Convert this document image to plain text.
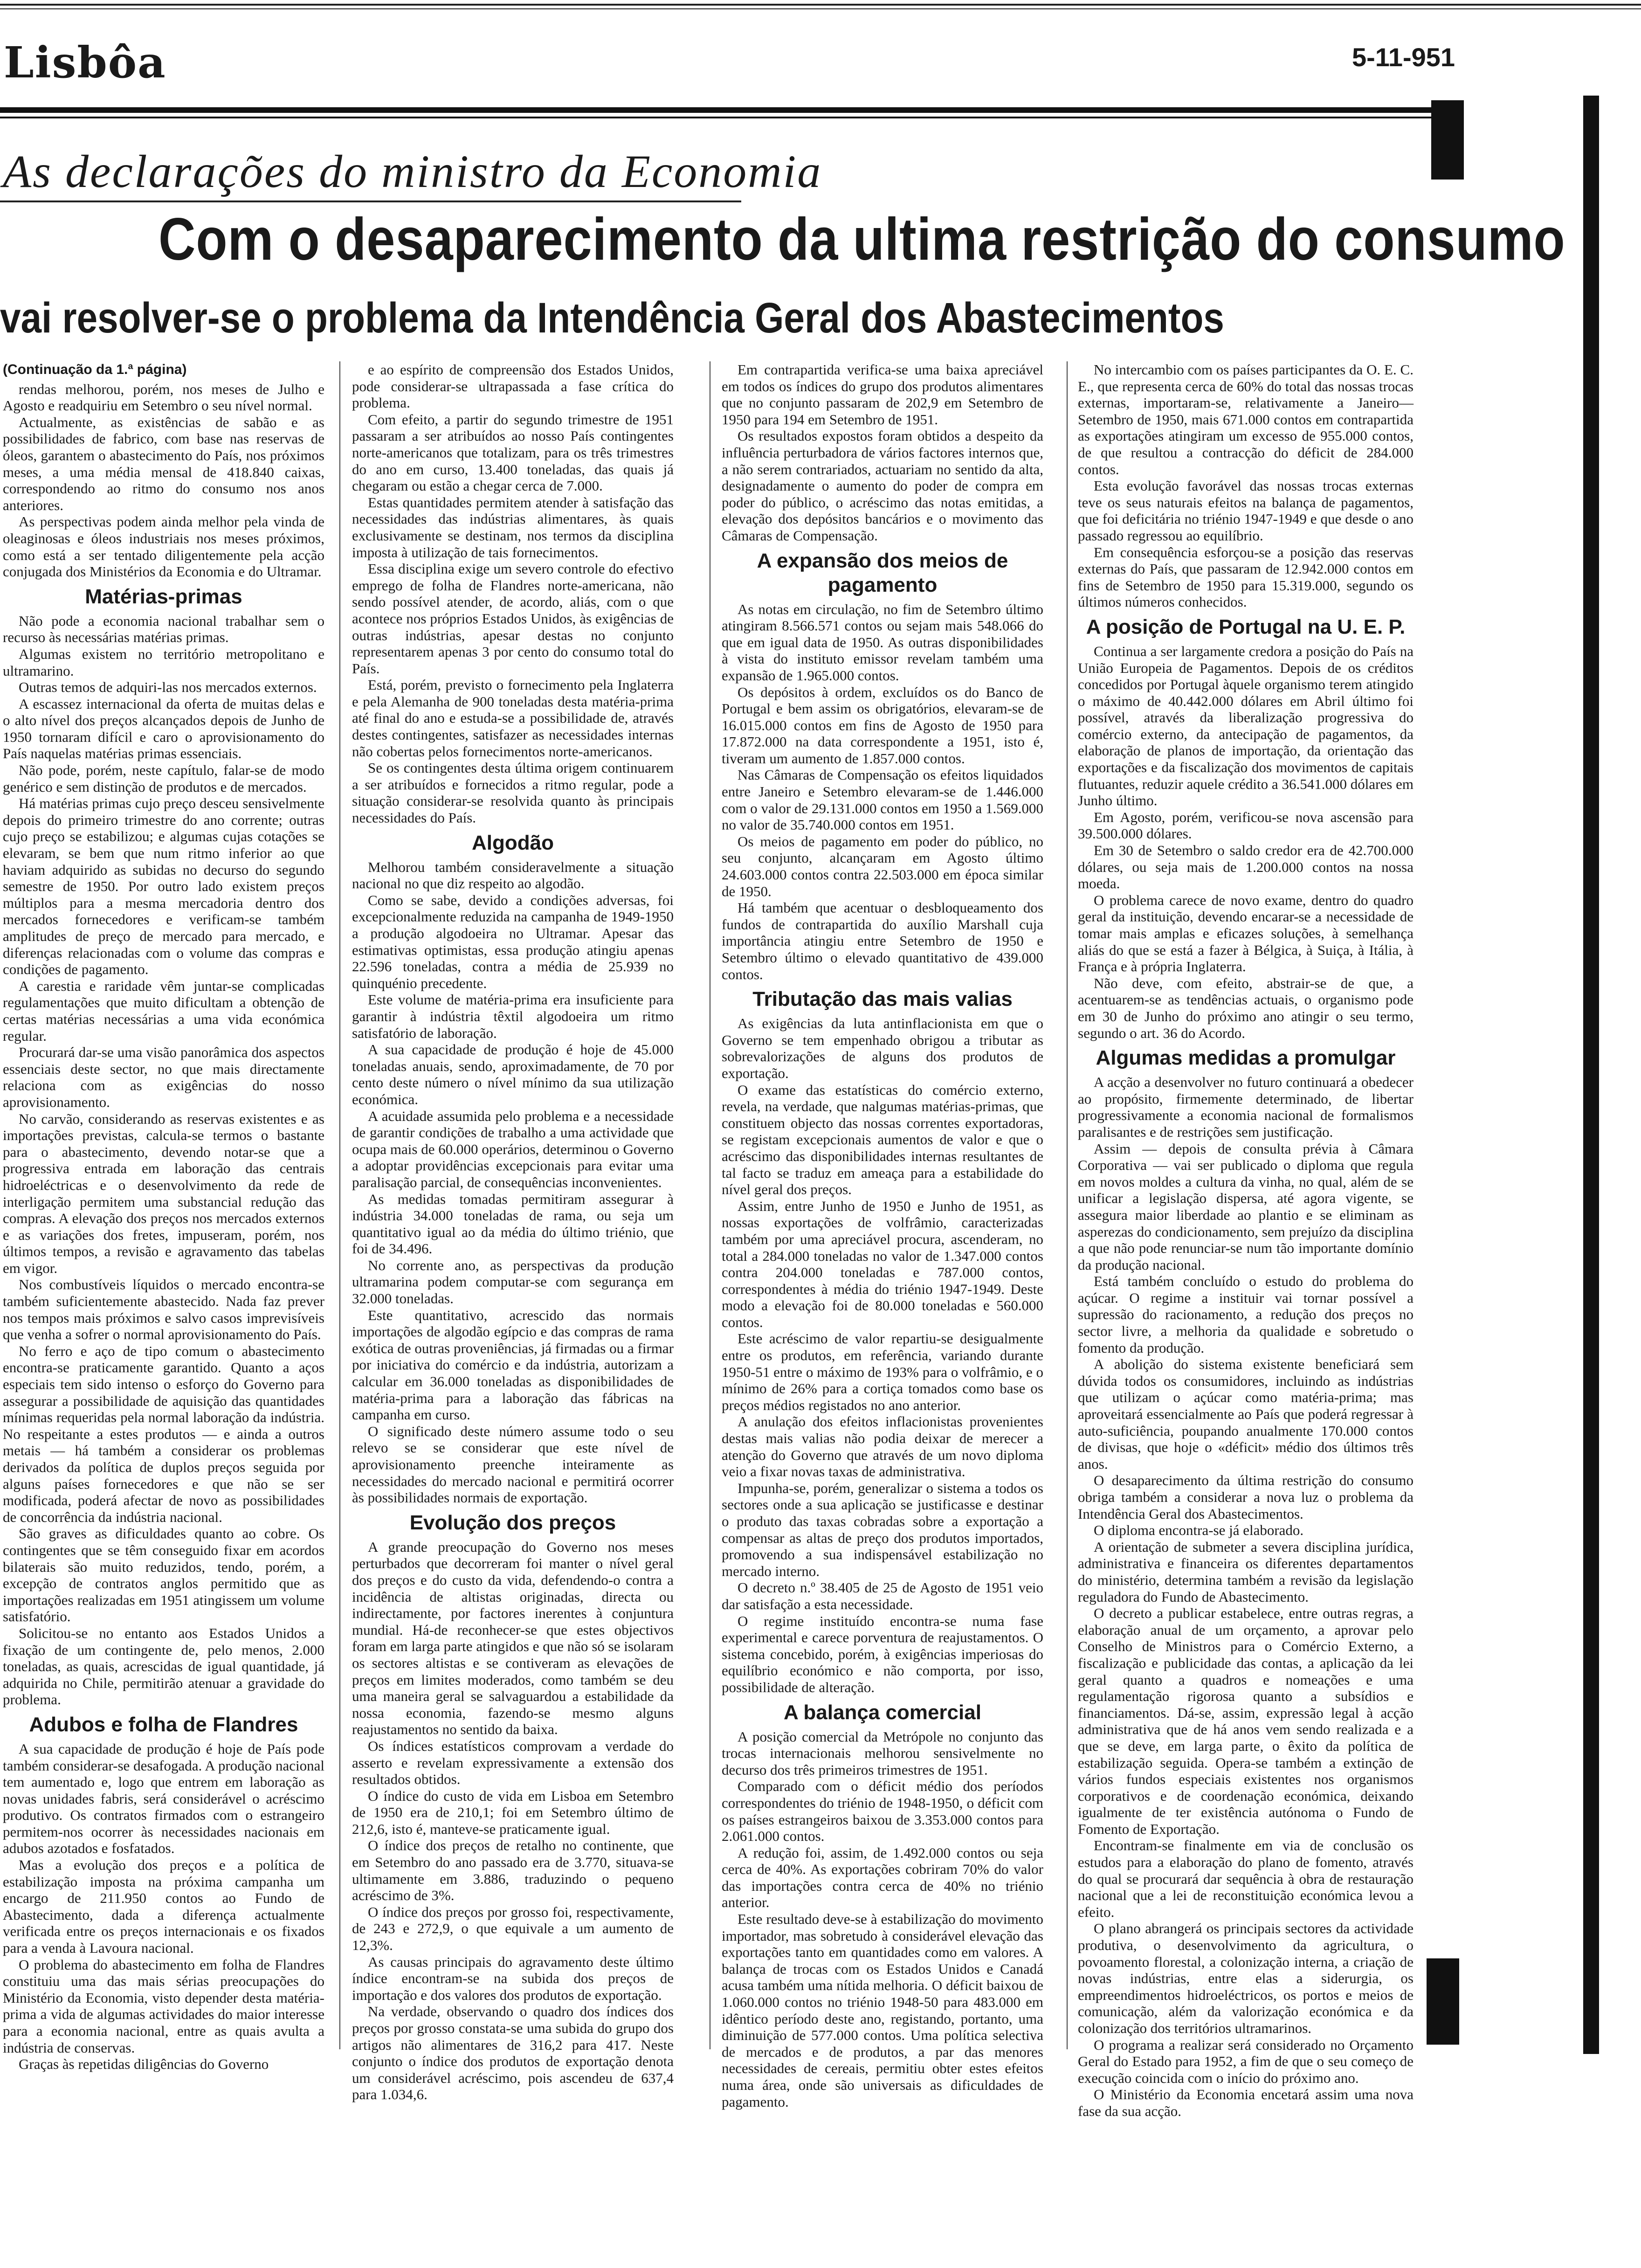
Lisbôa	5-11-951
As declarações do ministro da Economia
Com o desaparecimento da ultima restrição do consumo
vai resolver-se o problema da Intendência Geral dos Abastecimentos

(Continuação da 1.ª página)

rendas melhorou, porém, nos meses de Julho e Agosto e readquiriu em Setembro o seu nível normal.

Actualmente, as existências de sabão e as possibilidades de fabrico, com base nas reservas de óleos, garantem o abastecimento do País, nos próximos meses, a uma média mensal de 418.840 caixas, correspondendo ao ritmo do consumo nos anos anteriores.

As perspectivas podem ainda melhor pela vinda de oleaginosas e óleos industriais nos meses próximos, como está a ser tentado diligentemente pela acção conjugada dos Ministérios da Economia e do Ultramar.

Matérias-primas

Não pode a economia nacional trabalhar sem o recurso às necessárias matérias primas.

Algumas existem no território metropolitano e ultramarino.

Outras temos de adquiri-las nos mercados externos.

A escassez internacional da oferta de muitas delas e o alto nível dos preços alcançados depois de Junho de 1950 tornaram difícil e caro o aprovisionamento do País naquelas matérias primas essenciais.

Não pode, porém, neste capítulo, falar-se de modo genérico e sem distinção de produtos e de mercados.

Há matérias primas cujo preço desceu sensivelmente depois do primeiro trimestre do ano corrente; outras cujo preço se estabilizou; e algumas cujas cotações se elevaram, se bem que num ritmo inferior ao que haviam adquirido as subidas no decurso do segundo semestre de 1950. Por outro lado existem preços múltiplos para a mesma mercadoria dentro dos mercados fornecedores e verificam-se também amplitudes de preço de mercado para mercado, e diferenças relacionadas com o volume das compras e condições de pagamento.

A carestia e raridade vêm juntar-se complicadas regulamentações que muito dificultam a obtenção de certas matérias necessárias a uma vida económica regular.

Procurará dar-se uma visão panorâmica dos aspectos essenciais deste sector, no que mais directamente relaciona com as exigências do nosso aprovisionamento.

No carvão, considerando as reservas existentes e as importações previstas, calcula-se termos o bastante para o abastecimento, devendo notar-se que a progressiva entrada em laboração das centrais hidroeléctricas e o desenvolvimento da rede de interligação permitem uma substancial redução das compras. A elevação dos preços nos mercados externos e as variações dos fretes, impuseram, porém, nos últimos tempos, a revisão e agravamento das tabelas em vigor.

Nos combustíveis líquidos o mercado encontra-se também suficientemente abastecido. Nada faz prever nos tempos mais próximos e salvo casos imprevisíveis que venha a sofrer o normal aprovisionamento do País.

No ferro e aço de tipo comum o abastecimento encontra-se praticamente garantido. Quanto a aços especiais tem sido intenso o esforço do Governo para assegurar a possibilidade de aquisição das quantidades mínimas requeridas pela normal laboração da indústria. No respeitante a estes produtos — e ainda a outros metais — há também a considerar os problemas derivados da política de duplos preços seguida por alguns países fornecedores e que não se ser modificada, poderá afectar de novo as possibilidades de concorrência da indústria nacional.

São graves as dificuldades quanto ao cobre. Os contingentes que se têm conseguido fixar em acordos bilaterais são muito reduzidos, tendo, porém, a excepção de contratos anglos permitido que as importações realizadas em 1951 atingissem um volume satisfatório.

Solicitou-se no entanto aos Estados Unidos a fixação de um contingente de, pelo menos, 2.000 toneladas, as quais, acrescidas de igual quantidade, já adquirida no Chile, permitirão atenuar a gravidade do problema.

Adubos e folha de Flandres

A sua capacidade de produção é hoje de País pode também considerar-se desafogada. A produção nacional tem aumentado e, logo que entrem em laboração as novas unidades fabris, será considerável o acréscimo produtivo. Os contratos firmados com o estrangeiro permitem-nos ocorrer às necessidades nacionais em adubos azotados e fosfatados.

Mas a evolução dos preços e a política de estabilização imposta na próxima campanha um encargo de 211.950 contos ao Fundo de Abastecimento, dada a diferença actualmente verificada entre os preços internacionais e os fixados para a venda à Lavoura nacional.

O problema do abastecimento em folha de Flandres constituiu uma das mais sérias preocupações do Ministério da Economia, visto depender desta matéria-prima a vida de algumas actividades do maior interesse para a economia nacional, entre as quais avulta a indústria de conservas.

Graças às repetidas diligências do Governo

e ao espírito de compreensão dos Estados Unidos, pode considerar-se ultrapassada a fase crítica do problema.

Com efeito, a partir do segundo trimestre de 1951 passaram a ser atribuídos ao nosso País contingentes norte-americanos que totalizam, para os três trimestres do ano em curso, 13.400 toneladas, das quais já chegaram ou estão a chegar cerca de 7.000.

Estas quantidades permitem atender à satisfação das necessidades das indústrias alimentares, às quais exclusivamente se destinam, nos termos da disciplina imposta à utilização de tais fornecimentos.

Essa disciplina exige um severo controle do efectivo emprego de folha de Flandres norte-americana, não sendo possível atender, de acordo, aliás, com o que acontece nos próprios Estados Unidos, às exigências de outras indústrias, apesar destas no conjunto representarem apenas 3 por cento do consumo total do País.

Está, porém, previsto o fornecimento pela Inglaterra e pela Alemanha de 900 toneladas desta matéria-prima até final do ano e estuda-se a possibilidade de, através destes contingentes, satisfazer as necessidades internas não cobertas pelos fornecimentos norte-americanos.

Se os contingentes desta última origem continuarem a ser atribuídos e fornecidos a ritmo regular, pode a situação considerar-se resolvida quanto às principais necessidades do País.

Algodão

Melhorou também consideravelmente a situação nacional no que diz respeito ao algodão.

Como se sabe, devido a condições adversas, foi excepcionalmente reduzida na campanha de 1949-1950 a produção algodoeira no Ultramar. Apesar das estimativas optimistas, essa produção atingiu apenas 22.596 toneladas, contra a média de 25.939 no quinquénio precedente.

Este volume de matéria-prima era insuficiente para garantir à indústria têxtil algodoeira um ritmo satisfatório de laboração.

A sua capacidade de produção é hoje de 45.000 toneladas anuais, sendo, aproximadamente, de 70 por cento deste número o nível mínimo da sua utilização económica.

A acuidade assumida pelo problema e a necessidade de garantir condições de trabalho a uma actividade que ocupa mais de 60.000 operários, determinou o Governo a adoptar providências excepcionais para evitar uma paralisação parcial, de consequências inconvenientes.

As medidas tomadas permitiram assegurar à indústria 34.000 toneladas de rama, ou seja um quantitativo igual ao da média do último triénio, que foi de 34.496.

No corrente ano, as perspectivas da produção ultramarina podem computar-se com segurança em 32.000 toneladas.

Este quantitativo, acrescido das normais importações de algodão egípcio e das compras de rama exótica de outras proveniências, já firmadas ou a firmar por iniciativa do comércio e da indústria, autorizam a calcular em 36.000 toneladas as disponibilidades de matéria-prima para a laboração das fábricas na campanha em curso.

O significado deste número assume todo o seu relevo se se considerar que este nível de aprovisionamento preenche inteiramente as necessidades do mercado nacional e permitirá ocorrer às possibilidades normais de exportação.

Evolução dos preços

A grande preocupação do Governo nos meses perturbados que decorreram foi manter o nível geral dos preços e do custo da vida, defendendo-o contra a incidência de altistas originadas, directa ou indirectamente, por factores inerentes à conjuntura mundial. Há-de reconhecer-se que estes objectivos foram em larga parte atingidos e que não só se isolaram os sectores altistas e se contiveram as elevações de preços em limites moderados, como também se deu uma maneira geral se salvaguardou a estabilidade da nossa economia, fazendo-se mesmo alguns reajustamentos no sentido da baixa.

Os índices estatísticos comprovam a verdade do asserto e revelam expressivamente a extensão dos resultados obtidos.

O índice do custo de vida em Lisboa em Setembro de 1950 era de 210,1; foi em Setembro último de 212,6, isto é, manteve-se praticamente igual.

O índice dos preços de retalho no continente, que em Setembro do ano passado era de 3.770, situava-se ultimamente em 3.886, traduzindo o pequeno acréscimo de 3%.

O índice dos preços por grosso foi, respectivamente, de 243 e 272,9, o que equivale a um aumento de 12,3%.

As causas principais do agravamento deste último índice encontram-se na subida dos preços de importação e dos valores dos produtos de exportação.

Na verdade, observando o quadro dos índices dos preços por grosso constata-se uma subida do grupo dos artigos não alimentares de 316,2 para 417. Neste conjunto o índice dos produtos de exportação denota um considerável acréscimo, pois ascendeu de 637,4 para 1.034,6.

Em contrapartida verifica-se uma baixa apreciável em todos os índices do grupo dos produtos alimentares que no conjunto passaram de 202,9 em Setembro de 1950 para 194 em Setembro de 1951.

Os resultados expostos foram obtidos a despeito da influência perturbadora de vários factores internos que, a não serem contrariados, actuariam no sentido da alta, designadamente o aumento do poder de compra em poder do público, o acréscimo das notas emitidas, a elevação dos depósitos bancários e o movimento das Câmaras de Compensação.

A expansão dos meios de pagamento

As notas em circulação, no fim de Setembro último atingiram 8.566.571 contos ou sejam mais 548.066 do que em igual data de 1950. As outras disponibilidades à vista do instituto emissor revelam também uma expansão de 1.965.000 contos.

Os depósitos à ordem, excluídos os do Banco de Portugal e bem assim os obrigatórios, elevaram-se de 16.015.000 contos em fins de Agosto de 1950 para 17.872.000 na data correspondente a 1951, isto é, tiveram um aumento de 1.857.000 contos.

Nas Câmaras de Compensação os efeitos liquidados entre Janeiro e Setembro elevaram-se de 1.446.000 com o valor de 29.131.000 contos em 1950 a 1.569.000 no valor de 35.740.000 contos em 1951.

Os meios de pagamento em poder do público, no seu conjunto, alcançaram em Agosto último 24.603.000 contos contra 22.503.000 em época similar de 1950.

Há também que acentuar o desbloqueamento dos fundos de contrapartida do auxílio Marshall cuja importância atingiu entre Setembro de 1950 e Setembro último o elevado quantitativo de 439.000 contos.

Tributação das mais valias

As exigências da luta antinflacionista em que o Governo se tem empenhado obrigou a tributar as sobrevalorizações de alguns dos produtos de exportação.

O exame das estatísticas do comércio externo, revela, na verdade, que nalgumas matérias-primas, que constituem objecto das nossas correntes exportadoras, se registam excepcionais aumentos de valor e que o acréscimo das disponibilidades internas resultantes de tal facto se traduz em ameaça para a estabilidade do nível geral dos preços.

Assim, entre Junho de 1950 e Junho de 1951, as nossas exportações de volfrâmio, caracterizadas também por uma apreciável procura, ascenderam, no total a 284.000 toneladas no valor de 1.347.000 contos contra 204.000 toneladas e 787.000 contos, correspondentes à média do triénio 1947-1949. Deste modo a elevação foi de 80.000 toneladas e 560.000 contos.

Este acréscimo de valor repartiu-se desigualmente entre os produtos, em referência, variando durante 1950-51 entre o máximo de 193% para o volfrâmio, e o mínimo de 26% para a cortiça tomados como base os preços médios registados no ano anterior.

A anulação dos efeitos inflacionistas provenientes destas mais valias não podia deixar de merecer a atenção do Governo que através de um novo diploma veio a fixar novas taxas de administrativa.

Impunha-se, porém, generalizar o sistema a todos os sectores onde a sua aplicação se justificasse e destinar o produto das taxas cobradas sobre a exportação a compensar as altas de preço dos produtos importados, promovendo a sua indispensável estabilização no mercado interno.

O decreto n.º 38.405 de 25 de Agosto de 1951 veio dar satisfação a esta necessidade.

O regime instituído encontra-se numa fase experimental e carece porventura de reajustamentos. O sistema concebido, porém, à exigências imperiosas do equilíbrio económico e não comporta, por isso, possibilidade de alteração.

A balança comercial

A posição comercial da Metrópole no conjunto das trocas internacionais melhorou sensivelmente no decurso dos três primeiros trimestres de 1951.

Comparado com o déficit médio dos períodos correspondentes do triénio de 1948-1950, o déficit com os países estrangeiros baixou de 3.353.000 contos para 2.061.000 contos.

A redução foi, assim, de 1.492.000 contos ou seja cerca de 40%. As exportações cobriram 70% do valor das importações contra cerca de 40% no triénio anterior.

Este resultado deve-se à estabilização do movimento importador, mas sobretudo à considerável elevação das exportações tanto em quantidades como em valores. A balança de trocas com os Estados Unidos e Canadá acusa também uma nítida melhoria. O déficit baixou de 1.060.000 contos no triénio 1948-50 para 483.000 em idêntico período deste ano, registando, portanto, uma diminuição de 577.000 contos. Uma política selectiva de mercados e de produtos, a par das menores necessidades de cereais, permitiu obter estes efeitos numa área, onde são universais as dificuldades de pagamento.

No intercambio com os países participantes da O. E. C. E., que representa cerca de 60% do total das nossas trocas externas, importaram-se, relativamente a Janeiro—Setembro de 1950, mais 671.000 contos em contrapartida as exportações atingiram um excesso de 955.000 contos, de que resultou a contracção do déficit de 284.000 contos.

Esta evolução favorável das nossas trocas externas teve os seus naturais efeitos na balança de pagamentos, que foi deficitária no triénio 1947-1949 e que desde o ano passado regressou ao equilíbrio.

Em consequência esforçou-se a posição das reservas externas do País, que passaram de 12.942.000 contos em fins de Setembro de 1950 para 15.319.000, segundo os últimos números conhecidos.

A posição de Portugal na U. E. P.

Continua a ser largamente credora a posição do País na União Europeia de Pagamentos. Depois de os créditos concedidos por Portugal àquele organismo terem atingido o máximo de 40.442.000 dólares em Abril último foi possível, através da liberalização progressiva do comércio externo, da antecipação de pagamentos, da elaboração de planos de importação, da orientação das exportações e da fiscalização dos movimentos de capitais flutuantes, reduzir aquele crédito a 36.541.000 dólares em Junho último.

Em Agosto, porém, verificou-se nova ascensão para 39.500.000 dólares.

Em 30 de Setembro o saldo credor era de 42.700.000 dólares, ou seja mais de 1.200.000 contos na nossa moeda.

O problema carece de novo exame, dentro do quadro geral da instituição, devendo encarar-se a necessidade de tomar mais amplas e eficazes soluções, à semelhança aliás do que se está a fazer à Bélgica, à Suiça, à Itália, à França e à própria Inglaterra.

Não deve, com efeito, abstrair-se de que, a acentuarem-se as tendências actuais, o organismo pode em 30 de Junho do próximo ano atingir o seu termo, segundo o art. 36 do Acordo.

Algumas medidas a promulgar

A acção a desenvolver no futuro continuará a obedecer ao propósito, firmemente determinado, de libertar progressivamente a economia nacional de formalismos paralisantes e de restrições sem justificação.

Assim — depois de consulta prévia à Câmara Corporativa — vai ser publicado o diploma que regula em novos moldes a cultura da vinha, no qual, além de se unificar a legislação dispersa, até agora vigente, se assegura maior liberdade ao plantio e se eliminam as asperezas do condicionamento, sem prejuízo da disciplina a que não pode renunciar-se num tão importante domínio da produção nacional.

Está também concluído o estudo do problema do açúcar. O regime a instituir vai tornar possível a supressão do racionamento, a redução dos preços no sector livre, a melhoria da qualidade e sobretudo o fomento da produção.

A abolição do sistema existente beneficiará sem dúvida todos os consumidores, incluindo as indústrias que utilizam o açúcar como matéria-prima; mas aproveitará essencialmente ao País que poderá regressar à auto-suficiência, poupando anualmente 170.000 contos de divisas, que hoje o «déficit» médio dos últimos três anos.

O desaparecimento da última restrição do consumo obriga também a considerar a nova luz o problema da Intendência Geral dos Abastecimentos.

O diploma encontra-se já elaborado.

A orientação de submeter a severa disciplina jurídica, administrativa e financeira os diferentes departamentos do ministério, determina também a revisão da legislação reguladora do Fundo de Abastecimento.

O decreto a publicar estabelece, entre outras regras, a elaboração anual de um orçamento, a aprovar pelo Conselho de Ministros para o Comércio Externo, a fiscalização e publicidade das contas, a aplicação da lei geral quanto a quadros e nomeações e uma regulamentação rigorosa quanto a subsídios e financiamentos. Dá-se, assim, expressão legal à acção administrativa que de há anos vem sendo realizada e a que se deve, em larga parte, o êxito da política de estabilização seguida. Opera-se também a extinção de vários fundos especiais existentes nos organismos corporativos e de coordenação económica, deixando igualmente de ter existência autónoma o Fundo de Fomento de Exportação.

Encontram-se finalmente em via de conclusão os estudos para a elaboração do plano de fomento, através do qual se procurará dar sequência à obra de restauração nacional que a lei de reconstituição económica levou a efeito.

O plano abrangerá os principais sectores da actividade produtiva, o desenvolvimento da agricultura, o povoamento florestal, a colonização interna, a criação de novas indústrias, entre elas a siderurgia, os empreendimentos hidroeléctricos, os portos e meios de comunicação, além da valorização económica e da colonização dos territórios ultramarinos.

O programa a realizar será considerado no Orçamento Geral do Estado para 1952, a fim de que o seu começo de execução coincida com o início do próximo ano.

O Ministério da Economia encetará assim uma nova fase da sua acção.
